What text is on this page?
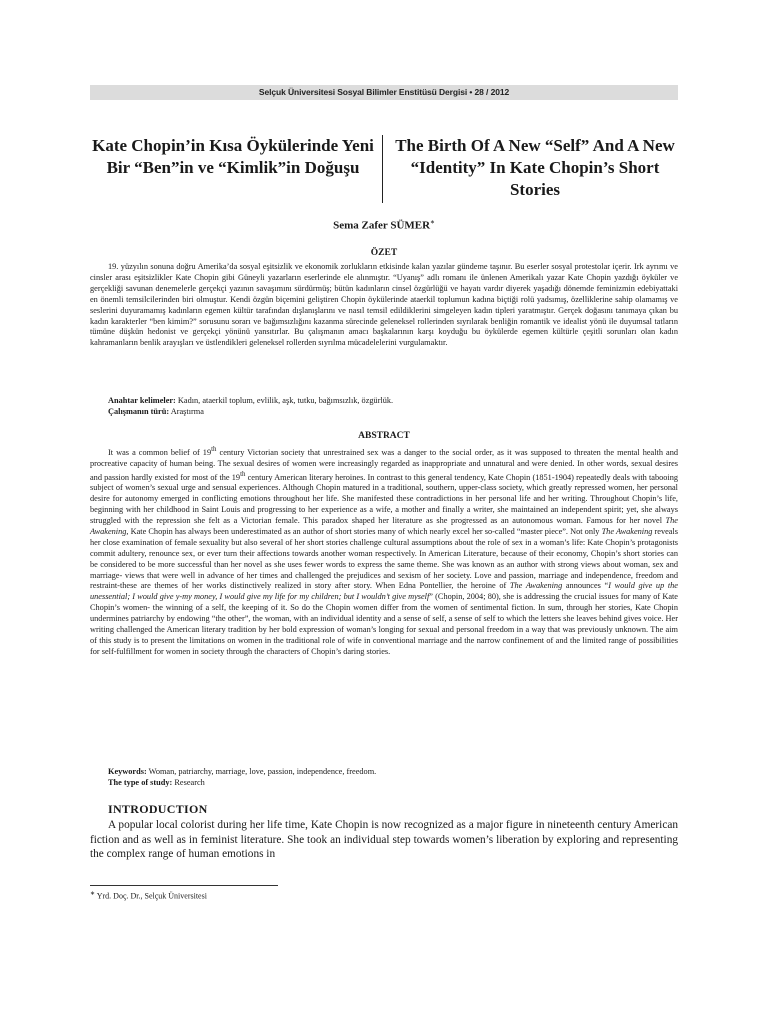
Selçuk Üniversitesi Sosyal Bilimler Enstitüsü Dergisi • 28 / 2012
Kate Chopin’in Kısa Öykülerinde Yeni Bir “Ben”in ve “Kimlik”in Doğuşu
The Birth Of A New “Self” And A New “Identity” In Kate Chopin’s Short Stories
Sema Zafer SÜMER∗
ÖZET

19. yüzyılın sonuna doğru Amerika’da sosyal eşitsizlik ve ekonomik zorlukların etkisinde kalan yazılar gündeme taşınır. Bu eserler sosyal protestolar içerir. Irk ayrımı ve cinsler arası eşitsizlikler Kate Chopin gibi Güneyli yazarların eserlerinde ele alınmıştır. “Uyanış” adlı romanı ile ünlenen Amerikalı yazar Kate Chopin yazdığı öyküler ve gerçekliği savunan denemelerle gerçekçi yazının savaşımını sürdürmüş; bütün kadınların cinsel özgürlüğü ve hayatı vardır diyerek yaşadığı dönemde feminizmin edebiyattaki en önemli temsilcilerinden biri olmuştur. Kendi özgün biçemini geliştiren Chopin öykülerinde ataerkil toplumun kadına biçtiği rolü yadsımış, özelliklerine sahip olamamış ve seslerini duyuramamış kadınların egemen kültür tarafından dışlanışlarını ve nasıl temsil edildiklerini simgeleyen kadın tipleri yaratmıştır. Gerçek doğasını tanımaya çıkan bu kadın karakterler “ben kimim?” sorusunu sorarı ve bağımsızlığını kazanma sürecinde geleneksel rollerinden sıyrılarak benliğin romantik ve idealist yönü ile duyumsal tatların tümüne düşkün hedonist ve gerçekçi yönünü yansıtırlar. Bu çalışmanın amacı başkalarının karşı koyduğu bu öykülerde egemen kültürle çeşitli sorunları olan kadın kahramanların benlik arayışları ve üstlendikleri geleneksel rollerden sıyrılma mücadelelerini vurgulamaktır.

Anahtar kelimeler: Kadın, ataerkil toplum, evlilik, aşk, tutku, bağımsızlık, özgürlük.
Çalışmanın türü: Araştırma
ABSTRACT

It was a common belief of 19th century Victorian society that unrestrained sex was a danger to the social order, as it was supposed to threaten the mental health and procreative capacity of human being. The sexual desires of women were increasingly regarded as inappropriate and unnatural and were denied. In other words, sexual desires and passion hardly existed for most of the 19th century American literary heroines. In contrast to this general tendency, Kate Chopin (1851-1904) repeatedly deals with tabooing subject of women’s sexual urge and sensual experiences. Although Chopin matured in a traditional, southern, upper-class society, which greatly repressed women, her personal desire for autonomy emerged in conflicting emotions throughout her life. She manifested these contradictions in her personal life and her writing. Throughout Chopin’s life, beginning with her childhood in Saint Louis and progressing to her experience as a wife, a mother and finally a writer, she maintained an independent spirit; yet, she always struggled with the repression she felt as a Victorian female. This paradox shaped her literature as she progressed as an autonomous woman. Famous for her novel The Awakening, Kate Chopin has always been underestimated as an author of short stories many of which nearly excel her so-called “master piece”. Not only The Awakening reveals her close examination of female sexuality but also several of her short stories challenge cultural assumptions about the role of sex in a woman’s life: Kate Chopin’s protagonists commit adultery, renounce sex, or ever turn their affections towards another woman respectively. In American Literature, because of their economy, Chopin’s short stories can be considered to be more successful than her novel as she uses fewer words to express the same theme. She was known as an author with strong views about woman, sex and marriage- views that were well in advance of her times and challenged the prejudices and sexism of her society. Love and passion, marriage and independence, freedom and restraint-these are themes of her works distinctively realized in story after story. When Edna Pontellier, the heroine of The Awakening announces “I would give up the unessential; I would give y-my money, I would give my life for my children; but I wouldn’t give myself” (Chopin, 2004; 80), she is addressing the crucial issues for many of Kate Chopin’s women- the winning of a self, the keeping of it. So do the Chopin women differ from the women of sentimental fiction. In sum, through her stories, Kate Chopin undermines patriarchy by endowing “the other”, the woman, with an individual identity and a sense of self, a sense of self to which the letters she leaves behind gives voice. Her writing challenged the American literary tradition by her bold expression of woman’s longing for sexual and personal freedom in a way that was previously unknown. The aim of this study is to present the limitations on women in the traditional role of wife in conventional marriage and the narrow confinement of and the limited range of possibilities for self-fulfillment for women in society through the characters of Chopin’s daring stories.

Keywords: Woman, patriarchy, marriage, love, passion, independence, freedom.
The type of study: Research
INTRODUCTION

A popular local colorist during her life time, Kate Chopin is now recognized as a major figure in nineteenth century American fiction and as well as in feminist literature. She took an individual step towards women’s liberation by exploring and representing the complex range of human emotions in

∗ Yrd. Doç. Dr., Selçuk Üniversitesi
